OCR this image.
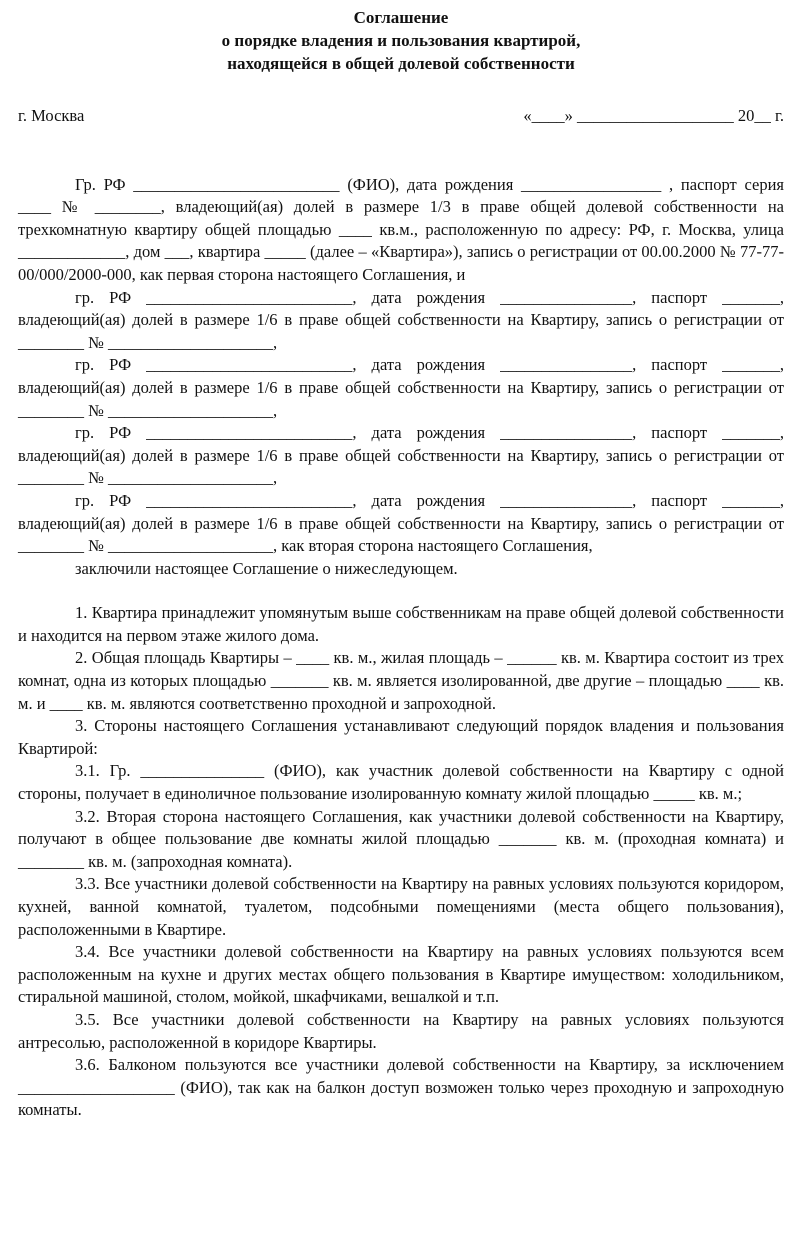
Соглашение
о порядке владения и пользования квартирой,
находящейся в общей долевой собственности
г. Москва	«____» ___________________ 20__ г.

Гр. РФ _________________________ (ФИО), дата рождения _________________ , паспорт серия ____ № ________, владеющий(ая) долей в размере 1/3 в праве общей долевой собственности на трехкомнатную квартиру общей площадью ____ кв.м., расположенную по адресу: РФ, г. Москва, улица _____________, дом ___, квартира _____ (далее – «Квартира»), запись о регистрации от 00.00.2000 № 77-77-00/000/2000-000, как первая сторона настоящего Соглашения, и

гр. РФ _________________________, дата рождения ________________, паспорт _______, владеющий(ая) долей в размере 1/6 в праве общей собственности на Квартиру, запись о регистрации от ________ № ____________________,

гр. РФ _________________________, дата рождения ________________, паспорт _______, владеющий(ая) долей в размере 1/6 в праве общей собственности на Квартиру, запись о регистрации от ________ № ____________________,

гр. РФ _________________________, дата рождения ________________, паспорт _______, владеющий(ая) долей в размере 1/6 в праве общей собственности на Квартиру, запись о регистрации от ________ № ____________________,

гр. РФ _________________________, дата рождения ________________, паспорт _______, владеющий(ая) долей в размере 1/6 в праве общей собственности на Квартиру, запись о регистрации от ________ № ____________________, как вторая сторона настоящего Соглашения,

заключили настоящее Соглашение о нижеследующем.

1. Квартира принадлежит упомянутым выше собственникам на праве общей долевой собственности и находится на первом этаже жилого дома.

2. Общая площадь Квартиры – ____ кв. м., жилая площадь – ______ кв. м. Квартира состоит из трех комнат, одна из которых площадью _______ кв. м. является изолированной, две другие – площадью ____ кв. м. и ____ кв. м. являются соответственно проходной и запроходной.

3. Стороны настоящего Соглашения устанавливают следующий порядок владения и пользования Квартирой:

3.1. Гр. _______________ (ФИО), как участник долевой собственности на Квартиру с одной стороны, получает в единоличное пользование изолированную комнату жилой площадью _____ кв. м.;

3.2. Вторая сторона настоящего Соглашения, как участники долевой собственности на Квартиру, получают в общее пользование две комнаты жилой площадью _______ кв. м. (проходная комната) и ________ кв. м. (запроходная комната).

3.3. Все участники долевой собственности на Квартиру на равных условиях пользуются коридором, кухней, ванной комнатой, туалетом, подсобными помещениями (места общего пользования), расположенными в Квартире.

3.4. Все участники долевой собственности на Квартиру на равных условиях пользуются всем расположенным на кухне и других местах общего пользования в Квартире имуществом: холодильником, стиральной машиной, столом, мойкой, шкафчиками, вешалкой и т.п.

3.5. Все участники долевой собственности на Квартиру на равных условиях пользуются антресолью, расположенной в коридоре Квартиры.

3.6. Балконом пользуются все участники долевой собственности на Квартиру, за исключением ___________________ (ФИО), так как на балкон доступ возможен только через проходную и запроходную комнаты.
